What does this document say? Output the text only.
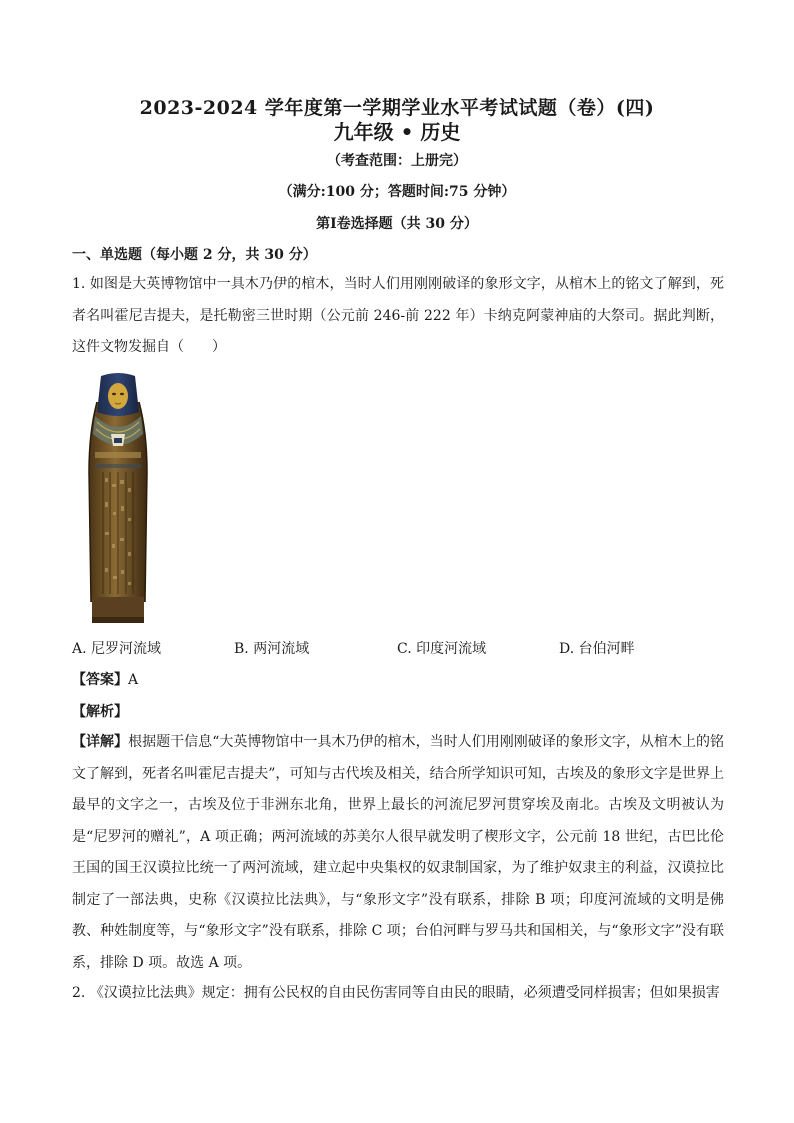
2023-2024 学年度第一学期学业水平考试试题（卷）(四)
九年级 • 历史
（考查范围：上册完）
（满分:100 分；答题时间:75 分钟）
第Ⅰ卷选择题（共 30 分）
一、单选题（每小题 2 分，共 30 分）
1. 如图是大英博物馆中一具木乃伊的棺木，当时人们用刚刚破译的象形文字，从棺木上的铭文了解到，死者名叫霍尼吉提夫，是托勒密三世时期（公元前 246-前 222 年）卡纳克阿蒙神庙的大祭司。据此判断，这件文物发掘自（　　）
A. 尼罗河流域	B. 两河流域	C. 印度河流域	D. 台伯河畔
【答案】A
【解析】
【详解】根据题干信息“大英博物馆中一具木乃伊的棺木，当时人们用刚刚破译的象形文字，从棺木上的铭文了解到，死者名叫霍尼吉提夫”，可知与古代埃及相关，结合所学知识可知，古埃及的象形文字是世界上最早的文字之一，古埃及位于非洲东北角，世界上最长的河流尼罗河贯穿埃及南北。古埃及文明被认为是“尼罗河的赠礼”，A 项正确；两河流域的苏美尔人很早就发明了楔形文字，公元前 18 世纪，古巴比伦王国的国王汉谟拉比统一了两河流域，建立起中央集权的奴隶制国家，为了维护奴隶主的利益，汉谟拉比制定了一部法典，史称《汉谟拉比法典》，与“象形文字”没有联系，排除 B 项；印度河流域的文明是佛教、种姓制度等，与“象形文字”没有联系，排除 C 项；台伯河畔与罗马共和国相关，与“象形文字”没有联系，排除 D 项。故选 A 项。
2. 《汉谟拉比法典》规定：拥有公民权的自由民伤害同等自由民的眼睛，必须遭受同样损害；但如果损害
